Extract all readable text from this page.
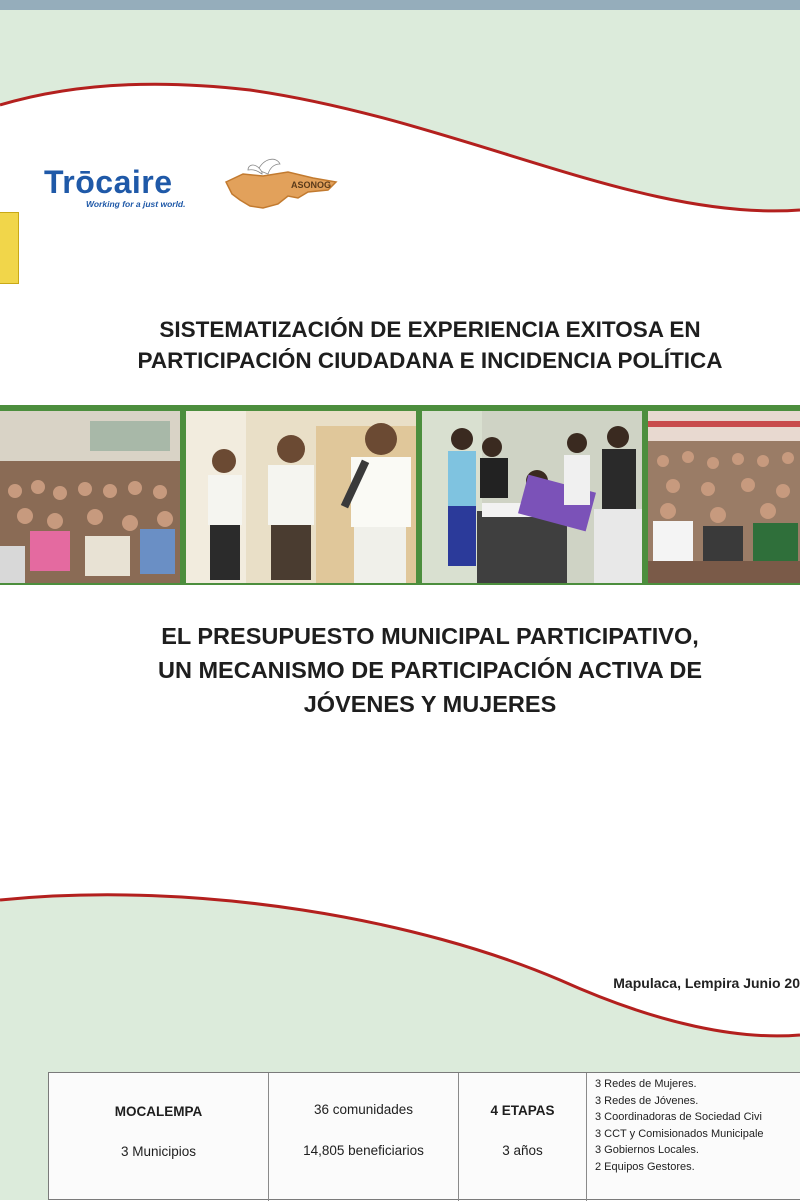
Trōcaire
Working for a just world.
ASONOG
SISTEMATIZACIÓN DE EXPERIENCIA EXITOSA EN
PARTICIPACIÓN CIUDADANA E INCIDENCIA POLÍTICA
EL PRESUPUESTO MUNICIPAL PARTICIPATIVO,
UN MECANISMO DE PARTICIPACIÓN ACTIVA DE
JÓVENES Y MUJERES
Mapulaca, Lempira Junio 20
MOCALEMPA
3 Municipios
36 comunidades
14,805 beneficiarios
4 ETAPAS
3 años
3 Redes de Mujeres.
3 Redes de Jóvenes.
3 Coordinadoras de Sociedad Civi
3 CCT y Comisionados Municipale
3 Gobiernos Locales.
2 Equipos Gestores.
